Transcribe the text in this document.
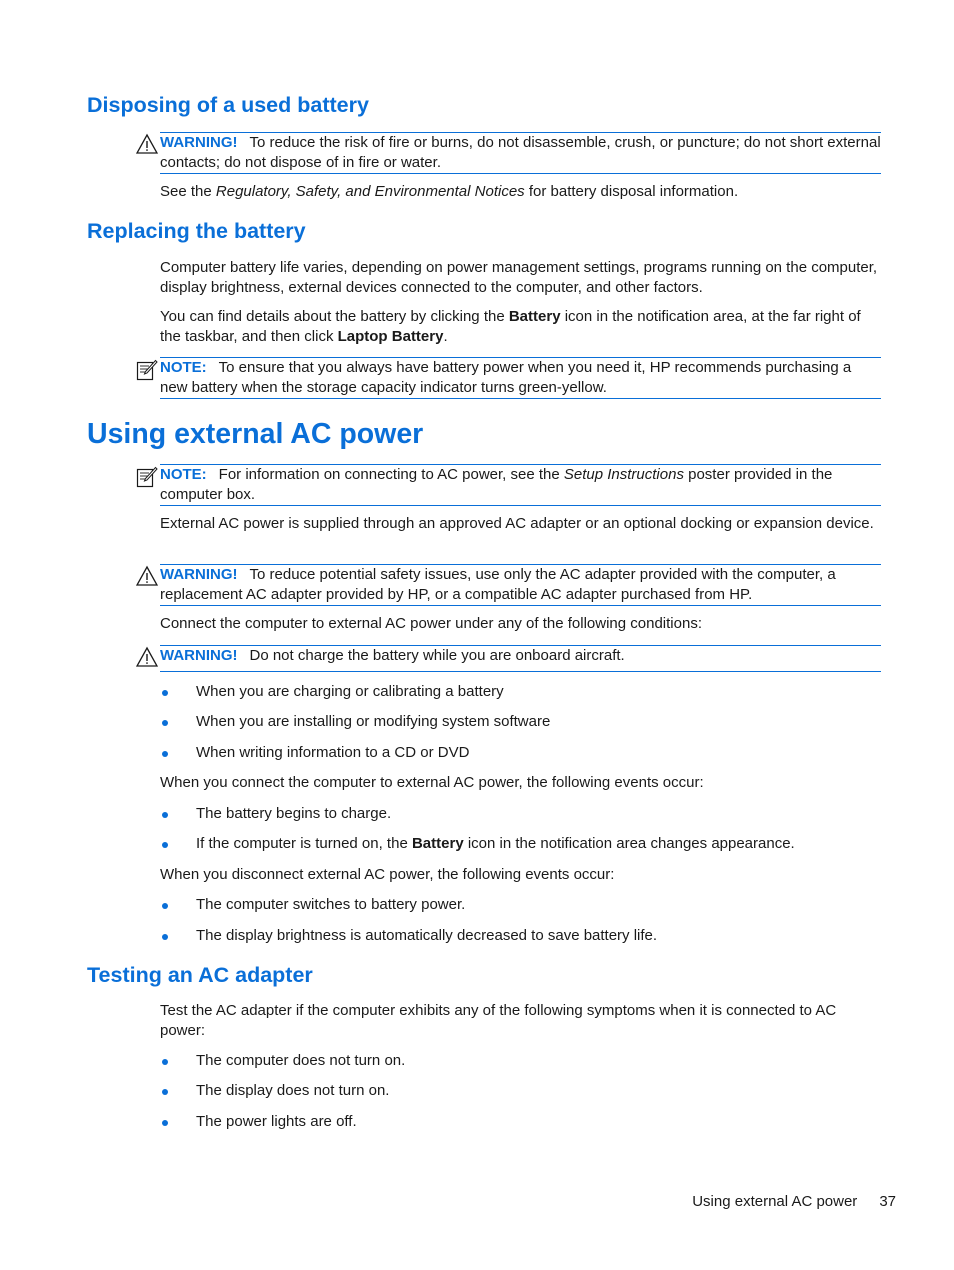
Disposing of a used battery
WARNING! To reduce the risk of fire or burns, do not disassemble, crush, or puncture; do not short external contacts; do not dispose of in fire or water.

See the Regulatory, Safety, and Environmental Notices for battery disposal information.

Replacing the battery

Computer battery life varies, depending on power management settings, programs running on the computer, display brightness, external devices connected to the computer, and other factors.

You can find details about the battery by clicking the Battery icon in the notification area, at the far right of the taskbar, and then click Laptop Battery.

NOTE: To ensure that you always have battery power when you need it, HP recommends purchasing a new battery when the storage capacity indicator turns green-yellow.
Using external AC power
NOTE: For information on connecting to AC power, see the Setup Instructions poster provided in the computer box.

External AC power is supplied through an approved AC adapter or an optional docking or expansion device.

WARNING! To reduce potential safety issues, use only the AC adapter provided with the computer, a replacement AC adapter provided by HP, or a compatible AC adapter purchased from HP.

Connect the computer to external AC power under any of the following conditions:

WARNING! Do not charge the battery while you are onboard aircraft.
When you are charging or calibrating a battery
When you are installing or modifying system software
When writing information to a CD or DVD

When you connect the computer to external AC power, the following events occur:

The battery begins to charge.
If the computer is turned on, the Battery icon in the notification area changes appearance.

When you disconnect external AC power, the following events occur:

The computer switches to battery power.
The display brightness is automatically decreased to save battery life.
Testing an AC adapter

Test the AC adapter if the computer exhibits any of the following symptoms when it is connected to AC power:

The computer does not turn on.
The display does not turn on.
The power lights are off.
Using external AC power 37
